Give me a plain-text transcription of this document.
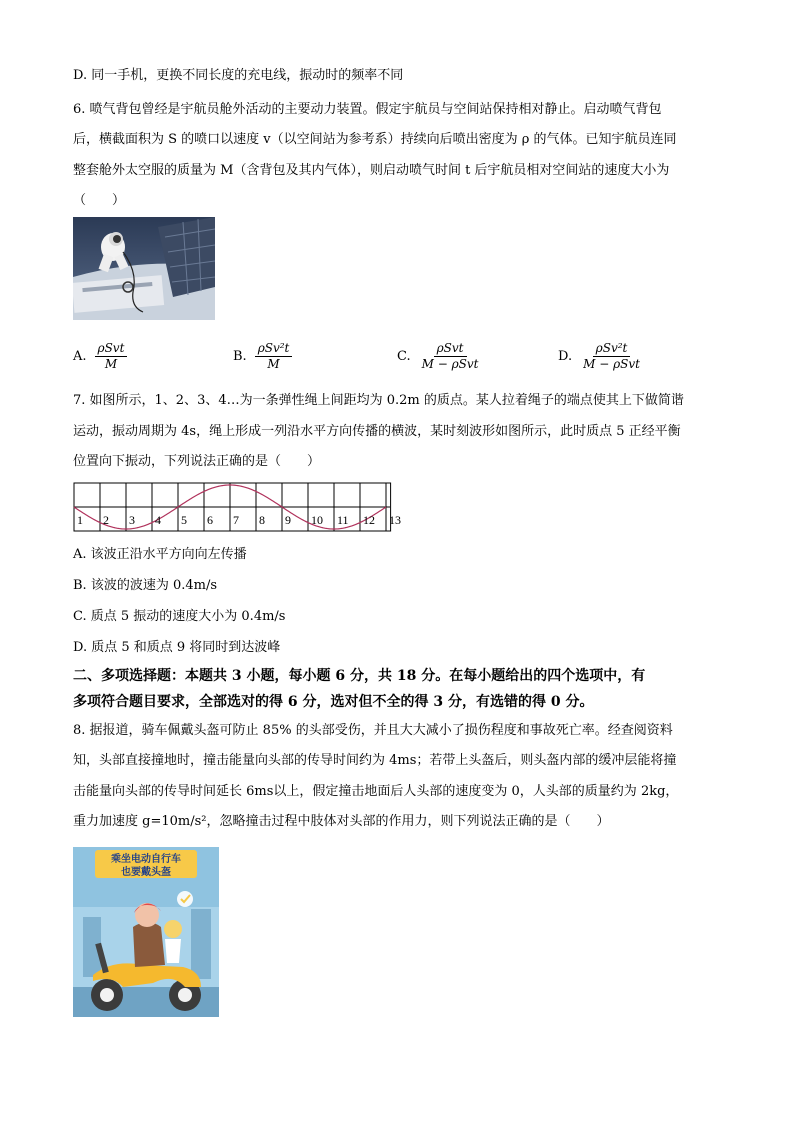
D. 同一手机，更换不同长度的充电线，振动时的频率不同
6. 喷气背包曾经是宇航员舱外活动的主要动力装置。假定宇航员与空间站保持相对静止。启动喷气背包
后，横截面积为 S 的喷口以速度 v（以空间站为参考系）持续向后喷出密度为 ρ 的气体。已知宇航员连同
整套舱外太空服的质量为 M（含背包及其内气体），则启动喷气时间 t 后宇航员相对空间站的速度大小为
（　　）
A. $\frac{\text{ρSvt}}{M}$	B. $\frac{\text{ρSv²t}}{M}$	C. $\frac{\text{ρSvt}}{\text{M − ρSvt}}$	D. $\frac{\text{ρSv²t}}{\text{M − ρSvt}}$
7. 如图所示，1、2、3、4…为一条弹性绳上间距均为 0.2m 的质点。某人拉着绳子的端点使其上下做简谐
运动，振动周期为 4s，绳上形成一列沿水平方向传播的横波，某时刻波形如图所示，此时质点 5 正经平衡
位置向下振动，下列说法正确的是（　　）
1 2 3 4 5 6 7 8 9 10 11 12 13
A. 该波正沿水平方向向左传播
B. 该波的波速为 0.4m/s
C. 质点 5 振动的速度大小为 0.4m/s
D. 质点 5 和质点 9 将同时到达波峰
二、多项选择题：本题共 3 小题，每小题 6 分，共 18 分。在每小题给出的四个选项中，有
多项符合题目要求，全部选对的得 6 分，选对但不全的得 3 分，有选错的得 0 分。
8. 据报道，骑车佩戴头盔可防止 85% 的头部受伤，并且大大减小了损伤程度和事故死亡率。经查阅资料
知，头部直接撞地时，撞击能量向头部的传导时间约为 4ms；若带上头盔后，则头盔内部的缓冲层能将撞
击能量向头部的传导时间延长 6ms以上，假定撞击地面后人头部的速度变为 0，人头部的质量约为 2kg，
重力加速度 g=10m/s²，忽略撞击过程中肢体对头部的作用力，则下列说法正确的是（　　）
乘坐电动自行车
也要戴头盔
